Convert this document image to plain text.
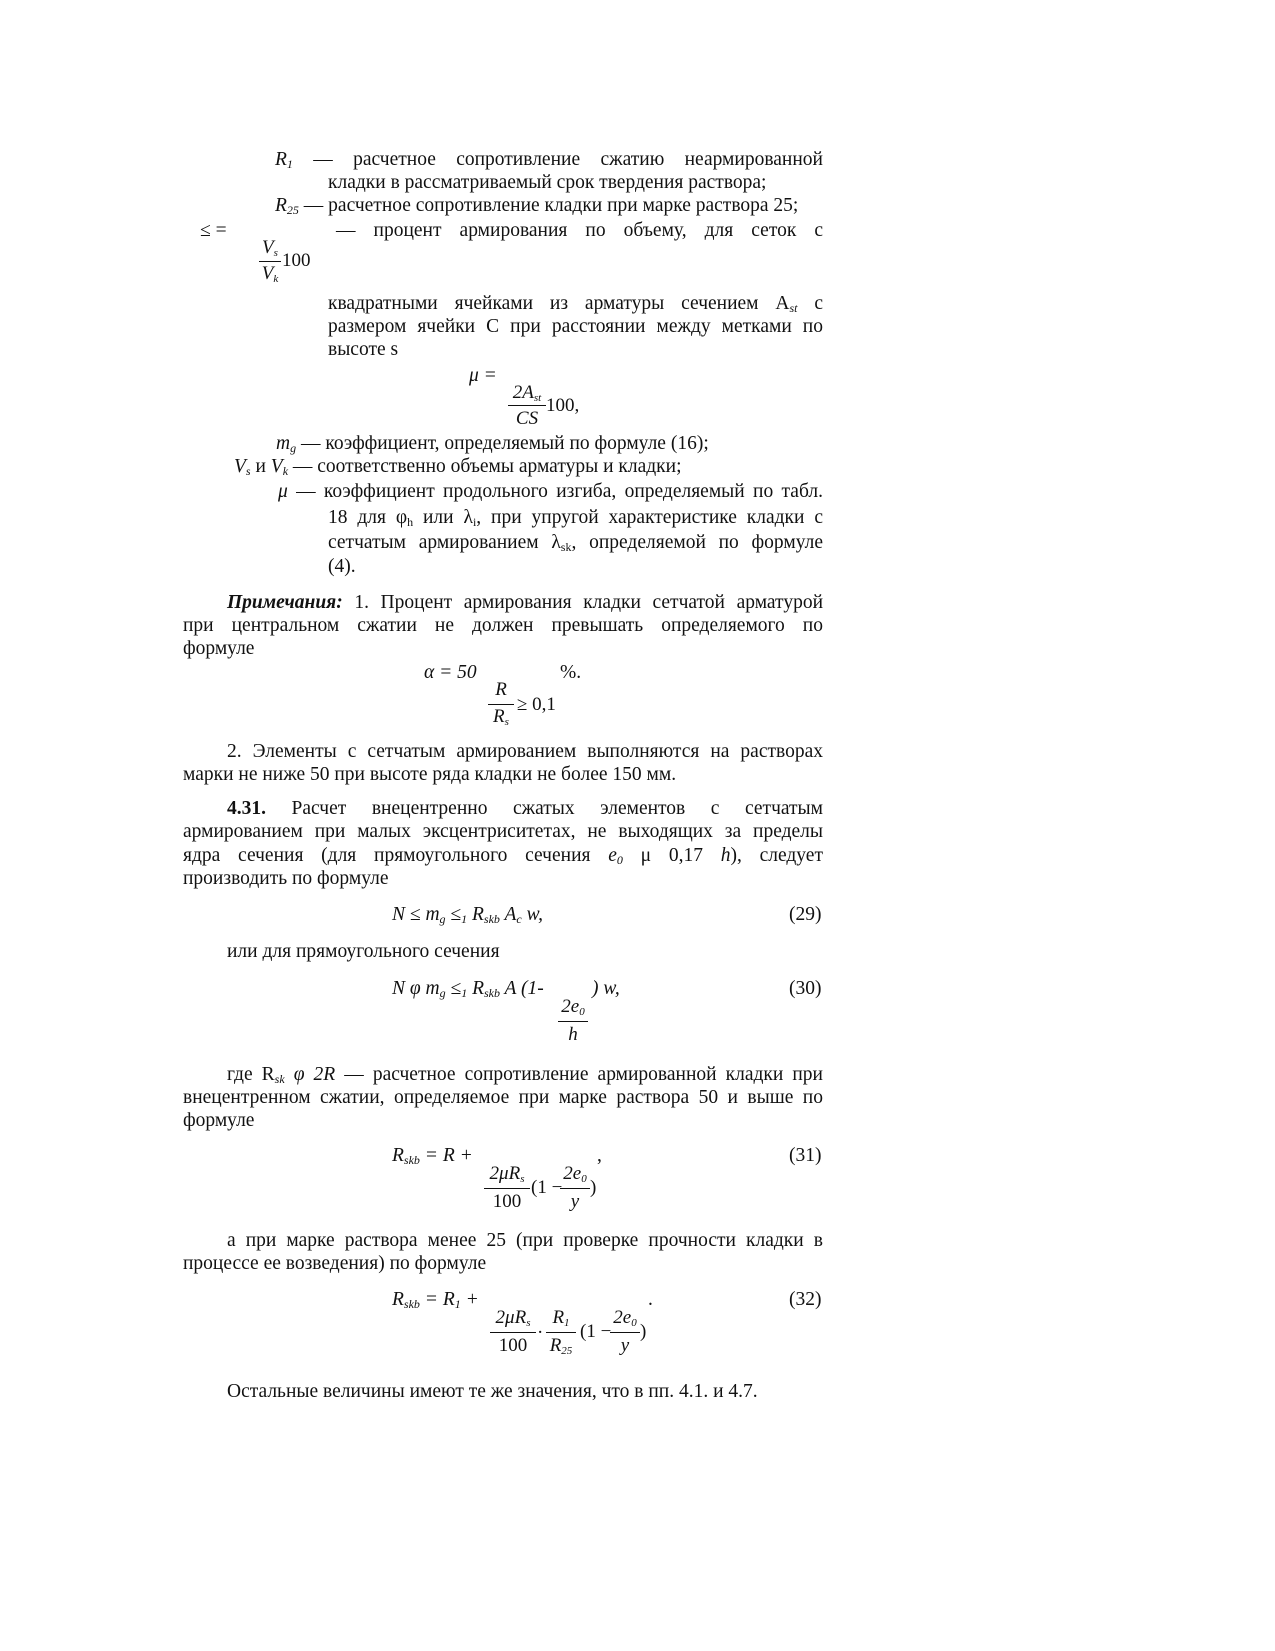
$R_1$ — расчетное сопротивление сжатию неармированной
кладки в рассматриваемый срок твердения раствора;
$R_{25}$ — расчетное сопротивление кладки при марке раствора 25;
≤ =	— процент армирования по объему, для сеток с
$V_s$
$V_k$
100
квадратными ячейками из арматуры сечением $A_{st}$ с
размером ячейки C при расстоянии между метками по
высоте s
μ =
$2A_{st}$
CS
100,
$m_g$ — коэффициент, определяемый по формуле (16);
$V_s$ и $V_k$ — соответственно объемы арматуры и кладки;
μ — коэффициент продольного изгиба, определяемый по табл.
18 для $\varphi_h$ или $\lambda_i$, при упругой характеристике кладки с
сетчатым армированием $\lambda_{sk}$, определяемой по формуле
(4).
Примечания: 1. Процент армирования кладки сетчатой арматурой
при центральном сжатии не должен превышать определяемого по
формуле
α = 50	%.
R
$R_s$
≥ 0,1
2. Элементы с сетчатым армированием выполняются на растворах
марки не ниже 50 при высоте ряда кладки не более 150 мм.
4.31. Расчет внецентренно сжатых элементов с сетчатым
армированием при малых эксцентриситетах, не выходящих за пределы
ядра сечения (для прямоугольного сечения $e_0$ μ 0,17 h), следует
производить по формуле
$N \le m_g \le_1$ $R_{skb}$ $A_c$ w,	(29)
или для прямоугольного сечения
N φ $m_g \le_1$ $R_{skb}$ A (1- ) w,
$2e_0$
h
(30)
где $R_{sk}$ φ 2R — расчетное сопротивление армированной кладки при
внецентренном сжатии, определяемое при марке раствора 50 и выше по
формуле
$R_{skb} = R$ +	,
$2\mu R_s$
100
(1 −
$2e_0$
y
)
(31)
а при марке раствора менее 25 (при проверке прочности кладки в
процессе ее возведения) по формуле
$R_{skb} = R_1$ +	.
$2\mu R_s$
100
·
$R_1$
$R_{25}$
(1 −
$2e_0$
y
)
(32)
Остальные величины имеют те же значения, что в пп. 4.1. и 4.7.
